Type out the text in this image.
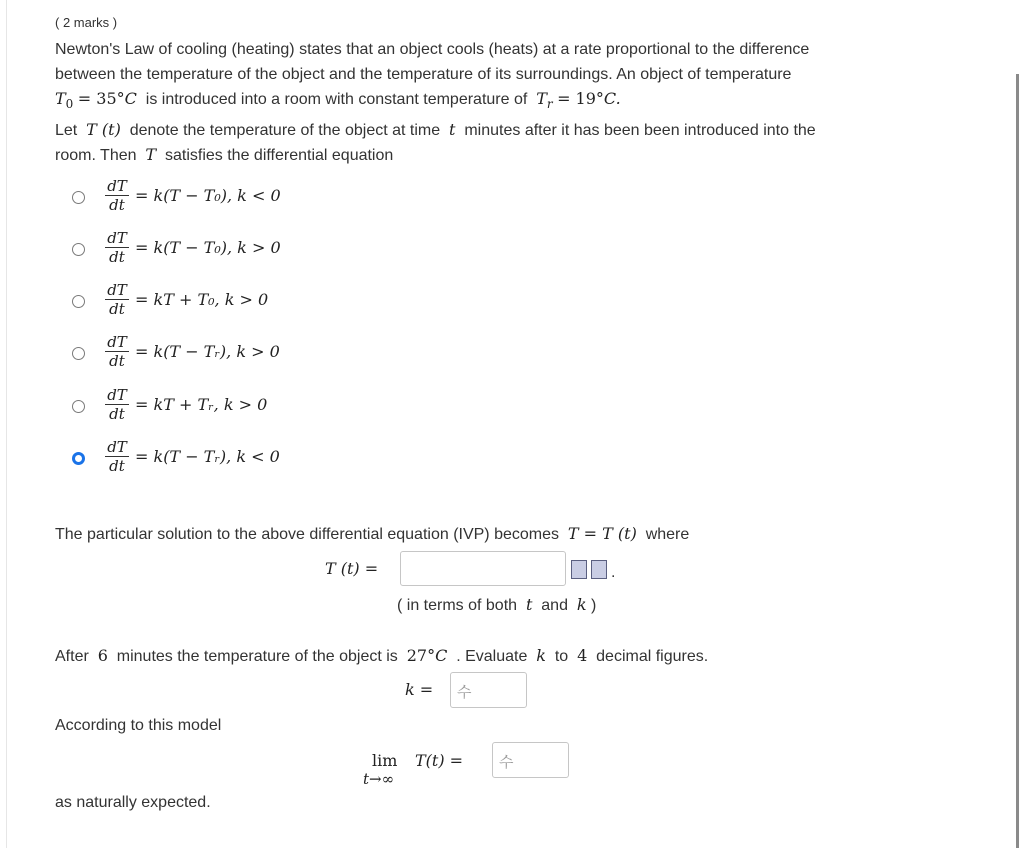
( 2 marks )
Newton's Law of cooling (heating) states that an object cools (heats) at a rate proportional to the difference
between the temperature of the object and the temperature of its surroundings. An object of temperature
$T_0 = 35^\circ C$ is introduced into a room with constant temperature of $T_r = 19^\circ C$.
Let T (t) denote the temperature of the object at time t minutes after it has been been introduced into the
room. Then T satisfies the differential equation
$\frac{dT}{dt} = k(T - T_0)$, k < 0
$\frac{dT}{dt} = k(T - T_0)$, k > 0
$\frac{dT}{dt}$ = kT + T₀, k > 0
$\frac{dT}{dt} = k(T$ − Tᵣ), k > 0
$\frac{dT}{dt}$ = kT + Tᵣ, k > 0
$\frac{dT}{dt} = k(T$ − Tᵣ), k < 0
The particular solution to the above differential equation (IVP) becomes T = T (t) where
T (t) =	.
( in terms of both t and k )
After 6 minutes the temperature of the object is 27°C . Evaluate k to 4 decimal figures.
k = 수
According to this model
lim
t→∞
T(t) = 수
as naturally expected.
